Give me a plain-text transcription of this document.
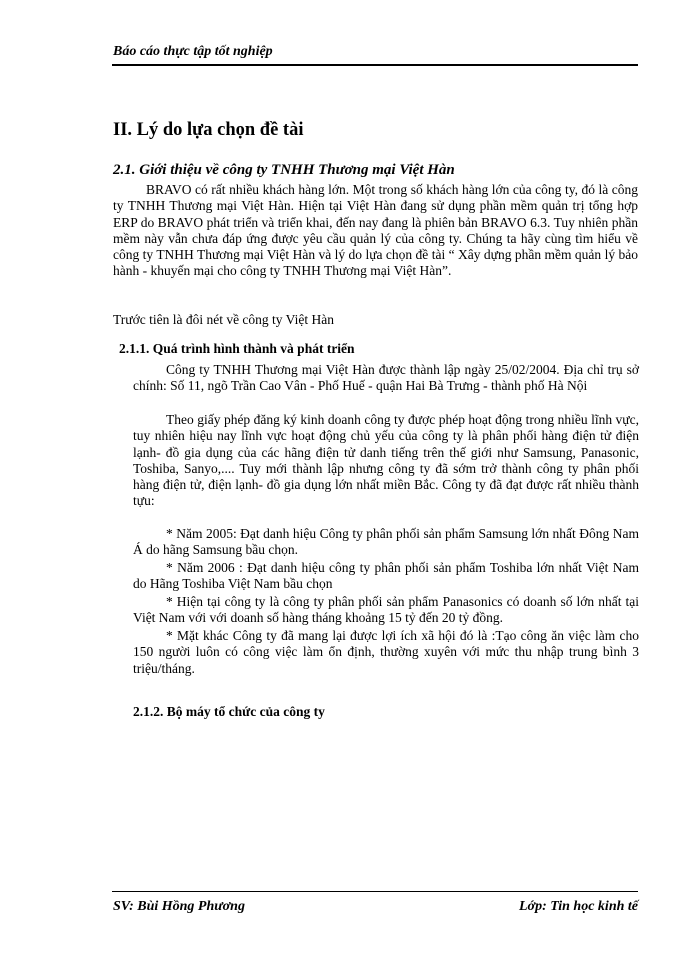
Báo cáo thực tập tốt nghiệp
II. Lý do lựa chọn đề tài
2.1. Giới thiệu về công ty TNHH Thương mại Việt Hàn

BRAVO có rất nhiều khách hàng lớn. Một trong số khách hàng lớn của công ty, đó là công ty TNHH Thương mại Việt Hàn. Hiện tại Việt Hàn đang sử dụng phần mềm quản trị tổng hợp ERP do BRAVO phát triển và triển khai, đến nay đang là phiên bản BRAVO 6.3. Tuy nhiên phần mềm này vẫn chưa đáp ứng được yêu cầu quản lý của công ty. Chúng ta hãy cùng tìm hiểu về công ty TNHH Thương mại Việt Hàn và lý do lựa chọn đề tài “ Xây dựng phần mềm quản lý bảo hành - khuyến mại cho công ty TNHH Thương mại Việt Hàn”.

Trước tiên là đôi nét về công ty Việt Hàn

2.1.1. Quá trình hình thành và phát triển

Công ty TNHH Thương mại Việt Hàn được thành lập ngày 25/02/2004. Địa chỉ trụ sở chính: Số 11, ngõ Trần Cao Vân - Phố Huế - quận Hai Bà Trưng - thành phố Hà Nội

Theo giấy phép đăng ký kinh doanh công ty được phép hoạt động trong nhiều lĩnh vực, tuy nhiên hiệu nay lĩnh vực hoạt động chủ yếu của công ty là phân phối hàng điện tử điện lạnh- đồ gia dụng của các hãng điện tử danh tiếng trên thế giới như Samsung, Panasonic, Toshiba, Sanyo,.... Tuy mới thành lập nhưng công ty đã sớm trở thành công ty phân phối hàng điện tử, điện lạnh- đồ gia dụng lớn nhất miền Bắc. Công ty đã đạt được rất nhiều thành tựu:

* Năm 2005: Đạt danh hiệu Công ty phân phối sản phẩm Samsung lớn nhất Đông Nam Á do hãng Samsung bầu chọn.

* Năm 2006 : Đạt danh hiệu công ty phân phối sản phẩm Toshiba lớn nhất Việt Nam do Hãng Toshiba Việt Nam bầu chọn

* Hiện tại công ty là công ty phân phối sản phẩm Panasonics có doanh số lớn nhất tại Việt Nam với với doanh số hàng tháng khoảng 15 tỷ đến 20 tỷ đồng.

* Mặt khác Công ty đã mang lại được lợi ích xã hội đó là :Tạo công ăn việc làm cho 150 người luôn có công việc làm ổn định, thường xuyên với mức thu nhập trung bình 3 triệu/tháng.

2.1.2. Bộ máy tổ chức của công ty
SV: Bùi Hồng Phương	Lớp: Tin học kinh tế
